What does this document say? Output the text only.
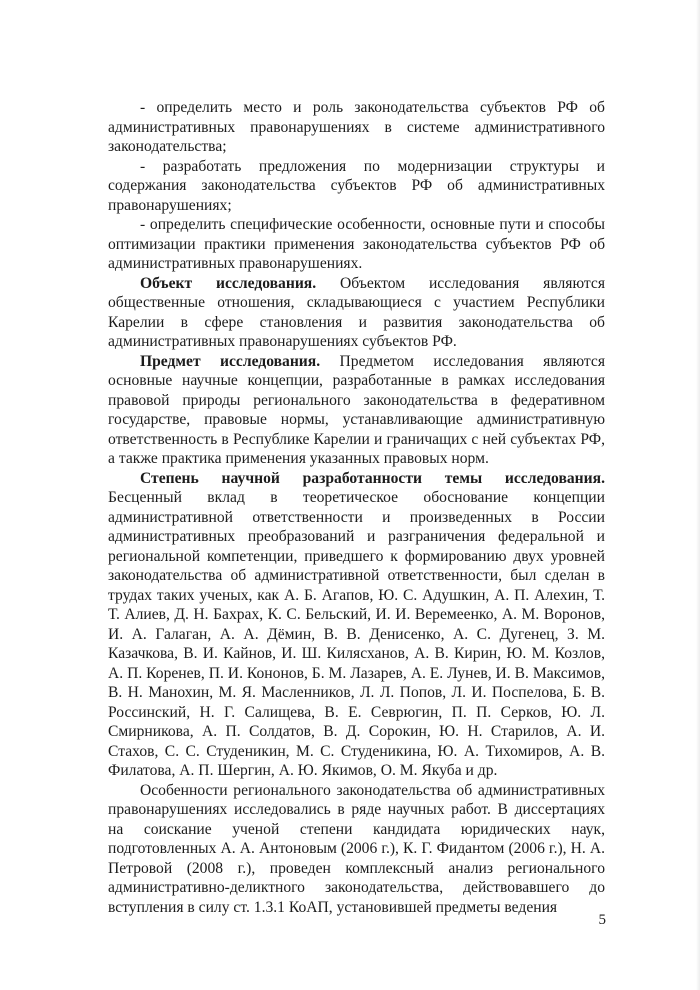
- определить место и роль законодательства субъектов РФ об административных правонарушениях в системе административного законодательства;

- разработать предложения по модернизации структуры и содержания законодательства субъектов РФ об административных правонарушениях;

- определить специфические особенности, основные пути и способы оптимизации практики применения законодательства субъектов РФ об административных правонарушениях.

Объект исследования. Объектом исследования являются общественные отношения, складывающиеся с участием Республики Карелии в сфере становления и развития законодательства об административных правонарушениях субъектов РФ.

Предмет исследования. Предметом исследования являются основные научные концепции, разработанные в рамках исследования правовой природы регионального законодательства в федеративном государстве, правовые нормы, устанавливающие административную ответственность в Республике Карелии и граничащих с ней субъектах РФ, а также практика применения указанных правовых норм.

Степень научной разработанности темы исследования. Бесценный вклад в теоретическое обоснование концепции административной ответственности и произведенных в России административных преобразований и разграничения федеральной и региональной компетенции, приведшего к формированию двух уровней законодательства об административной ответственности, был сделан в трудах таких ученых, как А. Б. Агапов, Ю. С. Адушкин, А. П. Алехин, Т. Т. Алиев, Д. Н. Бахрах, К. С. Бельский, И. И. Веремеенко, А. М. Воронов, И. А. Галаган, А. А. Дёмин, В. В. Денисенко, А. С. Дугенец, З. М. Казачкова, В. И. Кайнов, И. Ш. Килясханов, А. В. Кирин, Ю. М. Козлов, А. П. Коренев, П. И. Кононов, Б. М. Лазарев, А. Е. Лунев, И. В. Максимов, В. Н. Манохин, М. Я. Масленников, Л. Л. Попов, Л. И. Поспелова, Б. В. Россинский, Н. Г. Салищева, В. Е. Севрюгин, П. П. Серков, Ю. Л. Смирникова, А. П. Солдатов, В. Д. Сорокин, Ю. Н. Старилов, А. И. Стахов, С. С. Студеникин, М. С. Студеникина, Ю. А. Тихомиров, А. В. Филатова, А. П. Шергин, А. Ю. Якимов, О. М. Якуба и др.

Особенности регионального законодательства об административных правонарушениях исследовались в ряде научных работ. В диссертациях на соискание ученой степени кандидата юридических наук, подготовленных А. А. Антоновым (2006 г.), К. Г. Фидантом (2006 г.), Н. А. Петровой (2008 г.), проведен комплексный анализ регионального административно-деликтного законодательства, действовавшего до вступления в силу ст. 1.3.1 КоАП, установившей предметы ведения

5
